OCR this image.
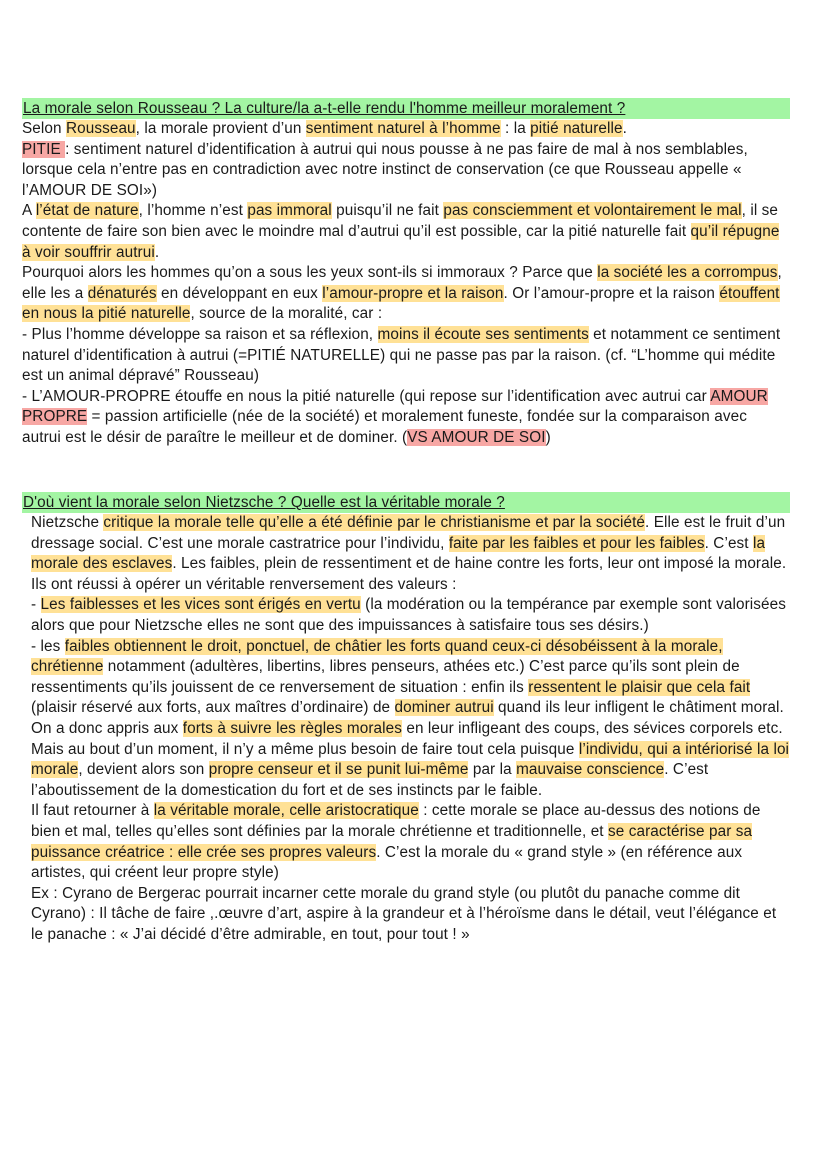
La morale selon Rousseau ? La culture/la a-t-elle rendu l'homme meilleur moralement ?

Selon Rousseau, la morale provient d’un sentiment naturel à l’homme : la pitié naturelle.

PITIE : sentiment naturel d’identification à autrui qui nous pousse à ne pas faire de mal à nos semblables, lorsque cela n’entre pas en contradiction avec notre instinct de conservation (ce que Rousseau appelle « l’AMOUR DE SOI»)

A l’état de nature, l’homme n’est pas immoral puisqu’il ne fait pas consciemment et volontairement le mal, il se contente de faire son bien avec le moindre mal d’autrui qu’il est possible, car la pitié naturelle fait qu’il répugne à voir souffrir autrui.

Pourquoi alors les hommes qu’on a sous les yeux sont-ils si immoraux ? Parce que la société les a corrompus, elle les a dénaturés en développant en eux l’amour-propre et la raison. Or l’amour-propre et la raison étouffent en nous la pitié naturelle, source de la moralité, car :

- Plus l’homme développe sa raison et sa réflexion, moins il écoute ses sentiments et notamment ce sentiment naturel d’identification à autrui (=PITIÉ NATURELLE) qui ne passe pas par la raison. (cf. “L’homme qui médite est un animal dépravé” Rousseau)

- L’AMOUR-PROPRE étouffe en nous la pitié naturelle (qui repose sur l’identification avec autrui car AMOUR PROPRE = passion artificielle (née de la société) et moralement funeste, fondée sur la comparaison avec autrui est le désir de paraître le meilleur et de dominer. (VS AMOUR DE SOI)

D'où vient la morale selon Nietzsche ? Quelle est la véritable morale ?

Nietzsche critique la morale telle qu’elle a été définie par le christianisme et par la société. Elle est le fruit d’un dressage social. C’est une morale castratrice pour l’individu, faite par les faibles et pour les faibles. C’est la morale des esclaves. Les faibles, plein de ressentiment et de haine contre les forts, leur ont imposé la morale. Ils ont réussi à opérer un véritable renversement des valeurs :

- Les faiblesses et les vices sont érigés en vertu (la modération ou la tempérance par exemple sont valorisées alors que pour Nietzsche elles ne sont que des impuissances à satisfaire tous ses désirs.)

- les faibles obtiennent le droit, ponctuel, de châtier les forts quand ceux-ci désobéissent à la morale, chrétienne notamment (adultères, libertins, libres penseurs, athées etc.) C’est parce qu’ils sont plein de ressentiments qu’ils jouissent de ce renversement de situation : enfin ils ressentent le plaisir que cela fait (plaisir réservé aux forts, aux maîtres d’ordinaire) de dominer autrui quand ils leur infligent le châtiment moral.

On a donc appris aux forts à suivre les règles morales en leur infligeant des coups, des sévices corporels etc. Mais au bout d’un moment, il n’y a même plus besoin de faire tout cela puisque l’individu, qui a intériorisé la loi morale, devient alors son propre censeur et il se punit lui-même par la mauvaise conscience. C’est l’aboutissement de la domestication du fort et de ses instincts par le faible.

Il faut retourner à la véritable morale, celle aristocratique : cette morale se place au-dessus des notions de bien et mal, telles qu’elles sont définies par la morale chrétienne et traditionnelle, et se caractérise par sa puissance créatrice : elle crée ses propres valeurs. C’est la morale du « grand style » (en référence aux artistes, qui créent leur propre style)

Ex : Cyrano de Bergerac pourrait incarner cette morale du grand style (ou plutôt du panache comme dit Cyrano) : Il tâche de faire ,.œuvre d’art, aspire à la grandeur et à l’héroïsme dans le détail, veut l’élégance et le panache : « J’ai décidé d’être admirable, en tout, pour tout ! »
